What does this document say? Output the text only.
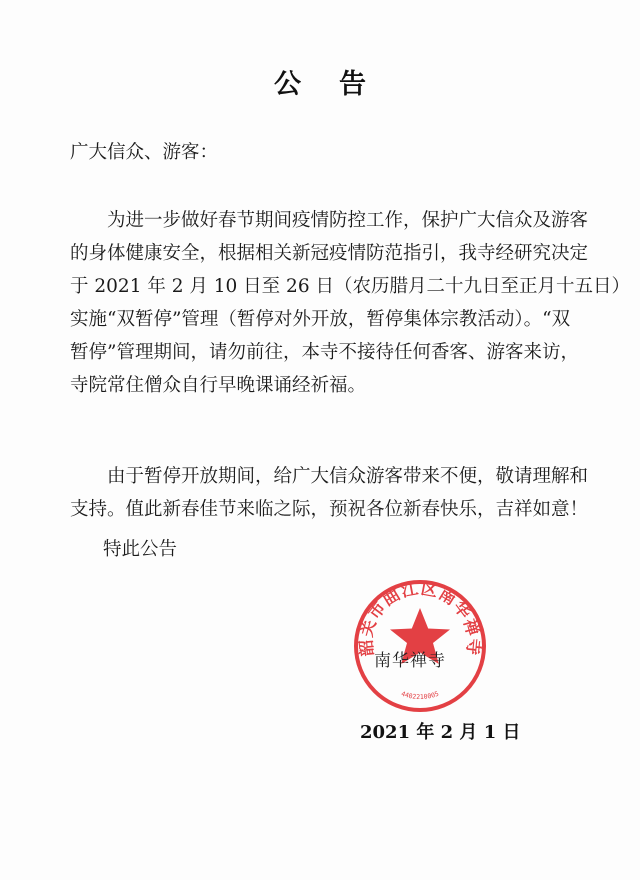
公告
广大信众、游客：
　　为进一步做好春节期间疫情防控工作，保护广大信众及游客
的身体健康安全，根据相关新冠疫情防范指引，我寺经研究决定
于 2021 年 2 月 10 日至 26 日（农历腊月二十九日至正月十五日）
实施“双暂停”管理（暂停对外开放，暂停集体宗教活动）。“双
暂停”管理期间，请勿前往，本寺不接待任何香客、游客来访，
寺院常住僧众自行早晚课诵经祈福。
　　由于暂停开放期间，给广大信众游客带来不便，敬请理解和
支持。值此新春佳节来临之际，预祝各位新春快乐，吉祥如意！
特此公告
韶关市曲江区南华禅寺
4402210005
南华禅寺
2021 年 2 月 1 日
